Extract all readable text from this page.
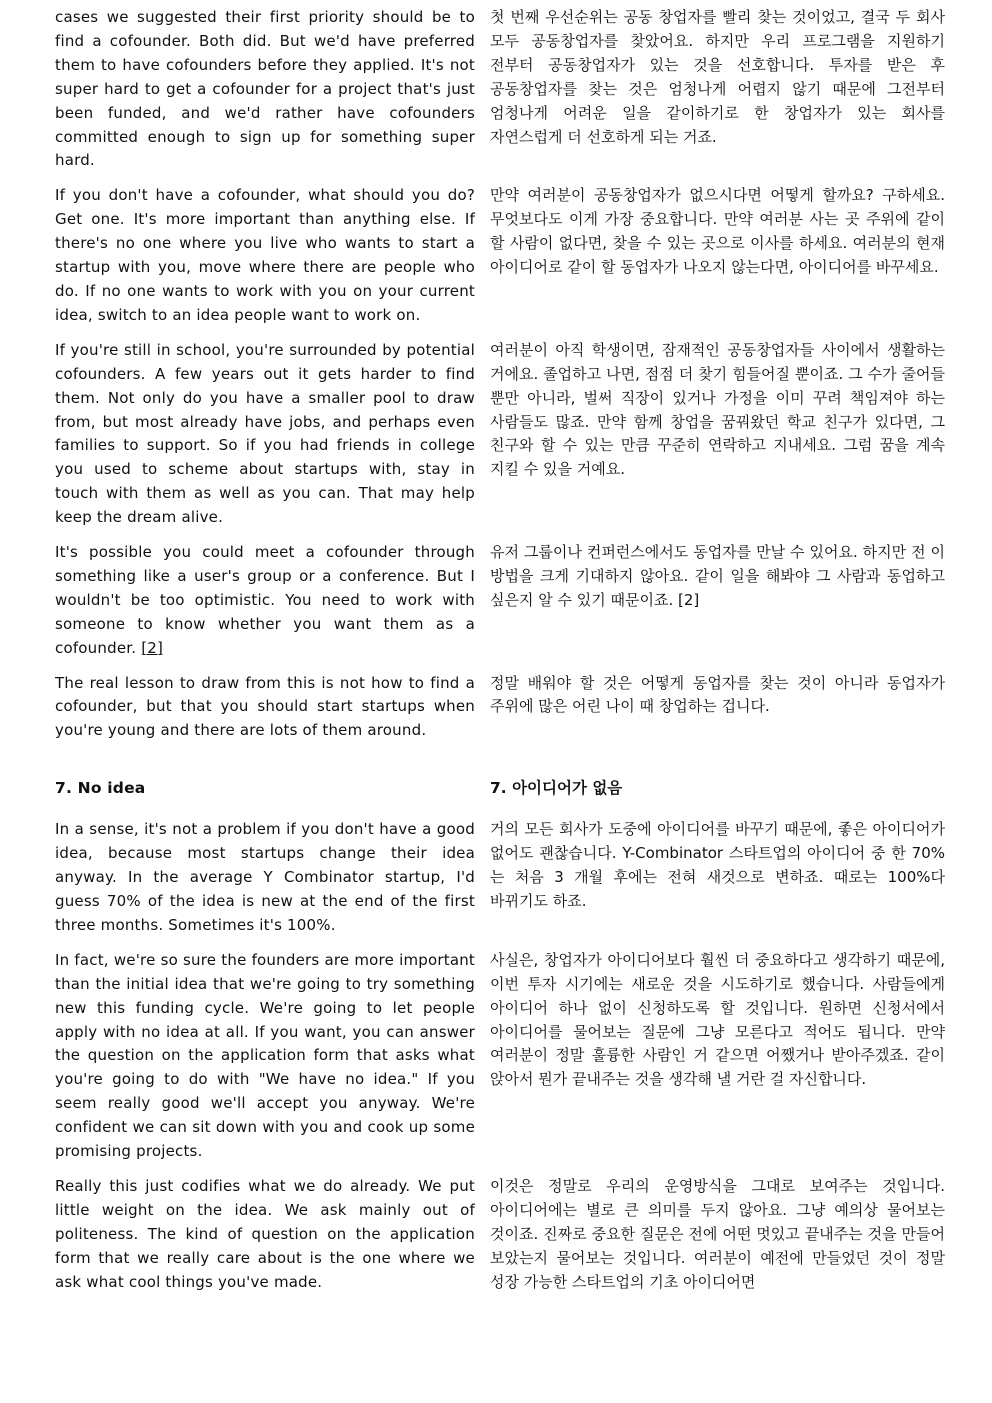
cases we suggested their first priority should be to find a cofounder. Both did. But we'd have preferred them to have cofounders before they applied. It's not super hard to get a cofounder for a project that's just been funded, and we'd rather have cofounders committed enough to sign up for something super hard.
첫 번째 우선순위는 공동 창업자를 빨리 찾는 것이었고, 결국 두 회사 모두 공동창업자를 찾았어요. 하지만 우리 프로그램을 지원하기 전부터 공동창업자가 있는 것을 선호합니다. 투자를 받은 후 공동창업자를 찾는 것은 엄청나게 어렵지 않기 때문에 그전부터 엄청나게 어려운 일을 같이하기로 한 창업자가 있는 회사를 자연스럽게 더 선호하게 되는 거죠.
If you don't have a cofounder, what should you do? Get one. It's more important than anything else. If there's no one where you live who wants to start a startup with you, move where there are people who do. If no one wants to work with you on your current idea, switch to an idea people want to work on.
만약 여러분이 공동창업자가 없으시다면 어떻게 할까요? 구하세요. 무엇보다도 이게 가장 중요합니다. 만약 여러분 사는 곳 주위에 같이 할 사람이 없다면, 찾을 수 있는 곳으로 이사를 하세요. 여러분의 현재 아이디어로 같이 할 동업자가 나오지 않는다면, 아이디어를 바꾸세요.
If you're still in school, you're surrounded by potential cofounders. A few years out it gets harder to find them. Not only do you have a smaller pool to draw from, but most already have jobs, and perhaps even families to support. So if you had friends in college you used to scheme about startups with, stay in touch with them as well as you can. That may help keep the dream alive.
여러분이 아직 학생이면, 잠재적인 공동창업자들 사이에서 생활하는 거에요. 졸업하고 나면, 점점 더 찾기 힘들어질 뿐이죠. 그 수가 줄어들 뿐만 아니라, 벌써 직장이 있거나 가정을 이미 꾸려 책임져야 하는 사람들도 많죠. 만약 함께 창업을 꿈꿔왔던 학교 친구가 있다면, 그 친구와 할 수 있는 만큼 꾸준히 연락하고 지내세요. 그럼 꿈을 계속 지킬 수 있을 거예요.
It's possible you could meet a cofounder through something like a user's group or a conference. But I wouldn't be too optimistic. You need to work with someone to know whether you want them as a cofounder. [2]
유저 그룹이나 컨퍼런스에서도 동업자를 만날 수 있어요. 하지만 전 이 방법을 크게 기대하지 않아요. 같이 일을 해봐야 그 사람과 동업하고 싶은지 알 수 있기 때문이죠. [2]
The real lesson to draw from this is not how to find a cofounder, but that you should start startups when you're young and there are lots of them around.
정말 배워야 할 것은 어떻게 동업자를 찾는 것이 아니라 동업자가 주위에 많은 어린 나이 때 창업하는 겁니다.
7. No idea	7. 아이디어가 없음
In a sense, it's not a problem if you don't have a good idea, because most startups change their idea anyway. In the average Y Combinator startup, I'd guess 70% of the idea is new at the end of the first three months. Sometimes it's 100%.
거의 모든 회사가 도중에 아이디어를 바꾸기 때문에, 좋은 아이디어가 없어도 괜찮습니다. Y-Combinator 스타트업의 아이디어 중 한 70%는 처음 3 개월 후에는 전혀 새것으로 변하죠. 때로는 100%다 바뀌기도 하죠.
In fact, we're so sure the founders are more important than the initial idea that we're going to try something new this funding cycle. We're going to let people apply with no idea at all. If you want, you can answer the question on the application form that asks what you're going to do with "We have no idea." If you seem really good we'll accept you anyway. We're confident we can sit down with you and cook up some promising projects.
사실은, 창업자가 아이디어보다 훨씬 더 중요하다고 생각하기 때문에, 이번 투자 시기에는 새로운 것을 시도하기로 했습니다. 사람들에게 아이디어 하나 없이 신청하도록 할 것입니다. 원하면 신청서에서 아이디어를 물어보는 질문에 그냥 모른다고 적어도 됩니다. 만약 여러분이 정말 훌륭한 사람인 거 같으면 어쨌거나 받아주겠죠. 같이 앉아서 뭔가 끝내주는 것을 생각해 낼 거란 걸 자신합니다.
Really this just codifies what we do already. We put little weight on the idea. We ask mainly out of politeness. The kind of question on the application form that we really care about is the one where we ask what cool things you've made.
이것은 정말로 우리의 운영방식을 그대로 보여주는 것입니다. 아이디어에는 별로 큰 의미를 두지 않아요. 그냥 예의상 물어보는 것이죠. 진짜로 중요한 질문은 전에 어떤 멋있고 끝내주는 것을 만들어 보았는지 물어보는 것입니다. 여러분이 예전에 만들었던 것이 정말 성장 가능한 스타트업의 기초 아이디어면
